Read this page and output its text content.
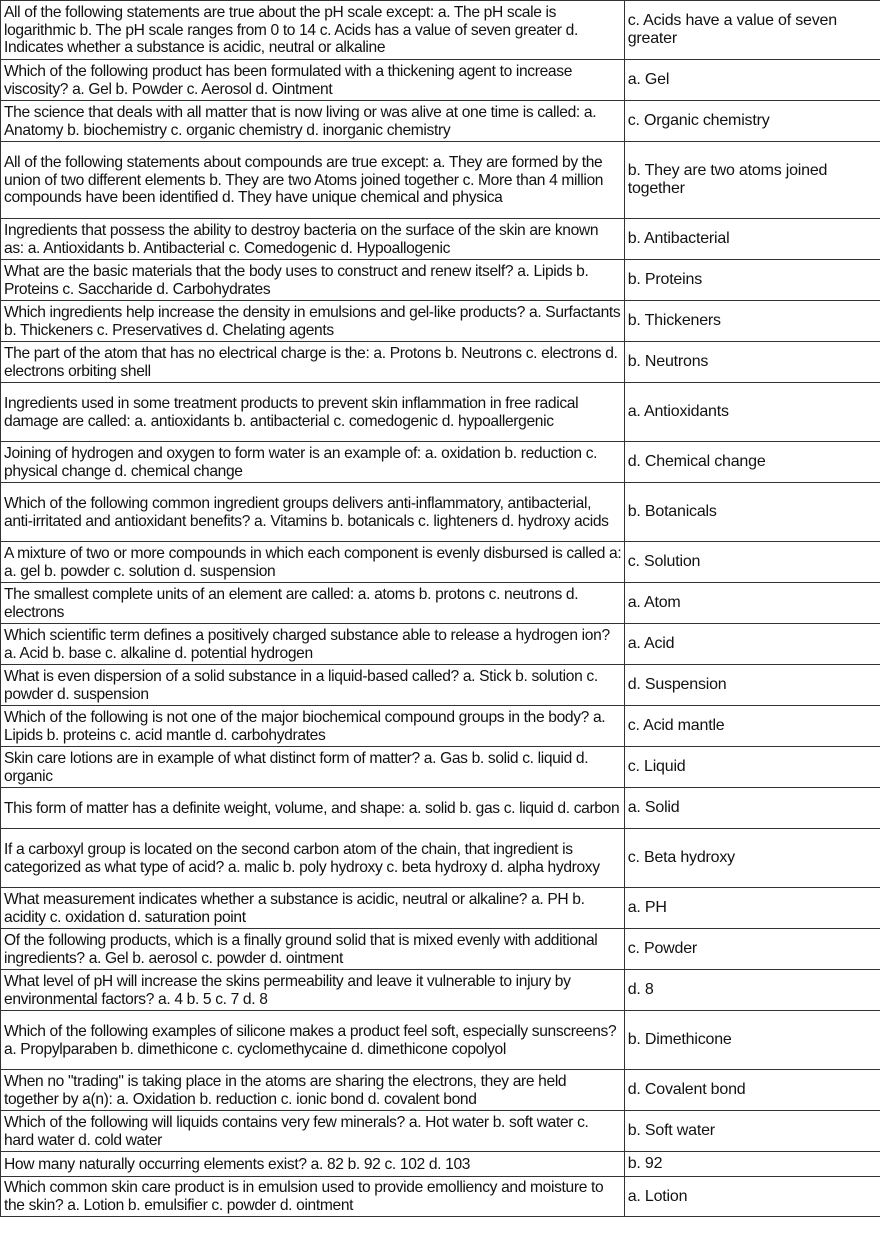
All of the following statements are true about the pH scale except: a. The pH scale is logarithmic b. The pH scale ranges from 0 to 14 c. Acids has a value of seven greater d. Indicates whether a substance is acidic, neutral or alkaline	c. Acids have a value of seven greater

Which of the following product has been formulated with a thickening agent to increase viscosity? a. Gel b. Powder c. Aerosol d. Ointment	a. Gel

The science that deals with all matter that is now living or was alive at one time is called: a. Anatomy b. biochemistry c. organic chemistry d. inorganic chemistry	c. Organic chemistry

All of the following statements about compounds are true except: a. They are formed by the union of two different elements b. They are two Atoms joined together c. More than 4 million compounds have been identified d. They have unique chemical and physica	b. They are two atoms joined together

Ingredients that possess the ability to destroy bacteria on the surface of the skin are known as: a. Antioxidants b. Antibacterial c. Comedogenic d. Hypoallogenic	b. Antibacterial

What are the basic materials that the body uses to construct and renew itself? a. Lipids b. Proteins c. Saccharide d. Carbohydrates	b. Proteins

Which ingredients help increase the density in emulsions and gel-like products? a. Surfactants b. Thickeners c. Preservatives d. Chelating agents	b. Thickeners

The part of the atom that has no electrical charge is the: a. Protons b. Neutrons c. electrons d. electrons orbiting shell	b. Neutrons

Ingredients used in some treatment products to prevent skin inflammation in free radical damage are called: a. antioxidants b. antibacterial c. comedogenic d. hypoallergenic	a. Antioxidants

Joining of hydrogen and oxygen to form water is an example of: a. oxidation b. reduction c. physical change d. chemical change	d. Chemical change

Which of the following common ingredient groups delivers anti-inflammatory, antibacterial, anti-irritated and antioxidant benefits? a. Vitamins b. botanicals c. lighteners d. hydroxy acids	b. Botanicals

A mixture of two or more compounds in which each component is evenly disbursed is called a: a. gel b. powder c. solution d. suspension	c. Solution

The smallest complete units of an element are called: a. atoms b. protons c. neutrons d. electrons	a. Atom

Which scientific term defines a positively charged substance able to release a hydrogen ion? a. Acid b. base c. alkaline d. potential hydrogen	a. Acid

What is even dispersion of a solid substance in a liquid-based called? a. Stick b. solution c. powder d. suspension	d. Suspension

Which of the following is not one of the major biochemical compound groups in the body? a. Lipids b. proteins c. acid mantle d. carbohydrates	c. Acid mantle

Skin care lotions are in example of what distinct form of matter? a. Gas b. solid c. liquid d. organic	c. Liquid

This form of matter has a definite weight, volume, and shape: a. solid b. gas c. liquid d. carbon	a. Solid

If a carboxyl group is located on the second carbon atom of the chain, that ingredient is categorized as what type of acid? a. malic b. poly hydroxy c. beta hydroxy d. alpha hydroxy	c. Beta hydroxy

What measurement indicates whether a substance is acidic, neutral or alkaline? a. PH b. acidity c. oxidation d. saturation point	a. PH

Of the following products, which is a finally ground solid that is mixed evenly with additional ingredients? a. Gel b. aerosol c. powder d. ointment	c. Powder

What level of pH will increase the skins permeability and leave it vulnerable to injury by environmental factors? a. 4 b. 5 c. 7 d. 8	d. 8

Which of the following examples of silicone makes a product feel soft, especially sunscreens? a. Propylparaben b. dimethicone c. cyclomethycaine d. dimethicone copolyol	b. Dimethicone

When no "trading" is taking place in the atoms are sharing the electrons, they are held together by a(n): a. Oxidation b. reduction c. ionic bond d. covalent bond	d. Covalent bond

Which of the following will liquids contains very few minerals? a. Hot water b. soft water c. hard water d. cold water	b. Soft water

How many naturally occurring elements exist? a. 82 b. 92 c. 102 d. 103	b. 92

Which common skin care product is in emulsion used to provide emolliency and moisture to the skin? a. Lotion b. emulsifier c. powder d. ointment	a. Lotion
